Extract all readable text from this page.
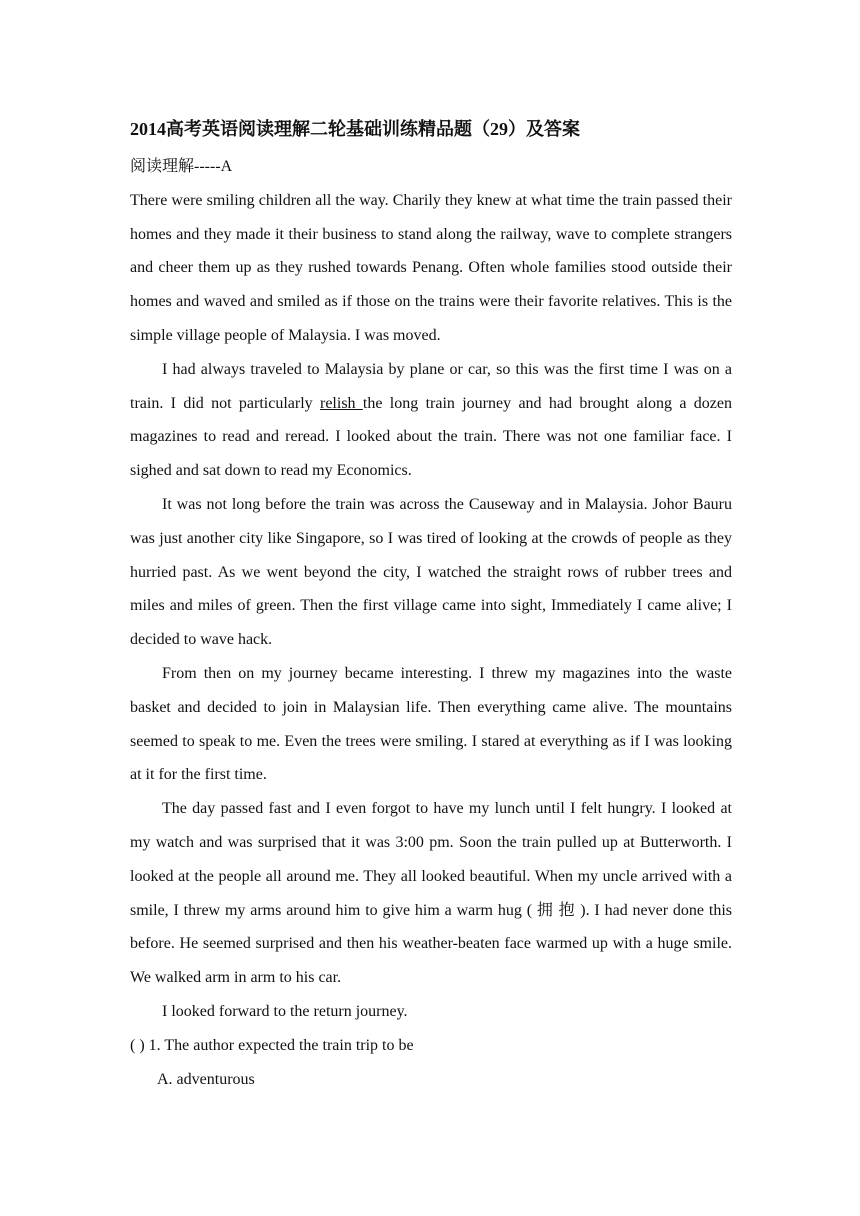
2014高考英语阅读理解二轮基础训练精品题（29）及答案
阅读理解-----A

There were smiling children all the way. Charily they knew at what time the train passed their homes and they made it their business to stand along the railway, wave to complete strangers and cheer them up as they rushed towards Penang. Often whole families stood outside their homes and waved and smiled as if those on the trains were their favorite relatives. This is the simple village people of Malaysia. I was moved.

I had always traveled to Malaysia by plane or car, so this was the first time I was on a train. I did not particularly relish the long train journey and had brought along a dozen magazines to read and reread. I looked about the train. There was not one familiar face. I sighed and sat down to read my Economics.

It was not long before the train was across the Causeway and in Malaysia. Johor Bauru was just another city like Singapore, so I was tired of looking at the crowds of people as they hurried past. As we went beyond the city, I watched the straight rows of rubber trees and miles and miles of green. Then the first village came into sight, Immediately I came alive; I decided to wave hack.

From then on my journey became interesting. I threw my magazines into the waste basket and decided to join in Malaysian life. Then everything came alive. The mountains seemed to speak to me. Even the trees were smiling. I stared at everything as if I was looking at it for the first time.

The day passed fast and I even forgot to have my lunch until I felt hungry. I looked at my watch and was surprised that it was 3:00 pm. Soon the train pulled up at Butterworth. I looked at the people all around me. They all looked beautiful. When my uncle arrived with a smile, I threw my arms around him to give him a warm hug ( 拥 抱 ). I had never done this before. He seemed surprised and then his weather-beaten face warmed up with a huge smile. We walked arm in arm to his car.

I looked forward to the return journey.

( ) 1. The author expected the train trip to be

A. adventurous
